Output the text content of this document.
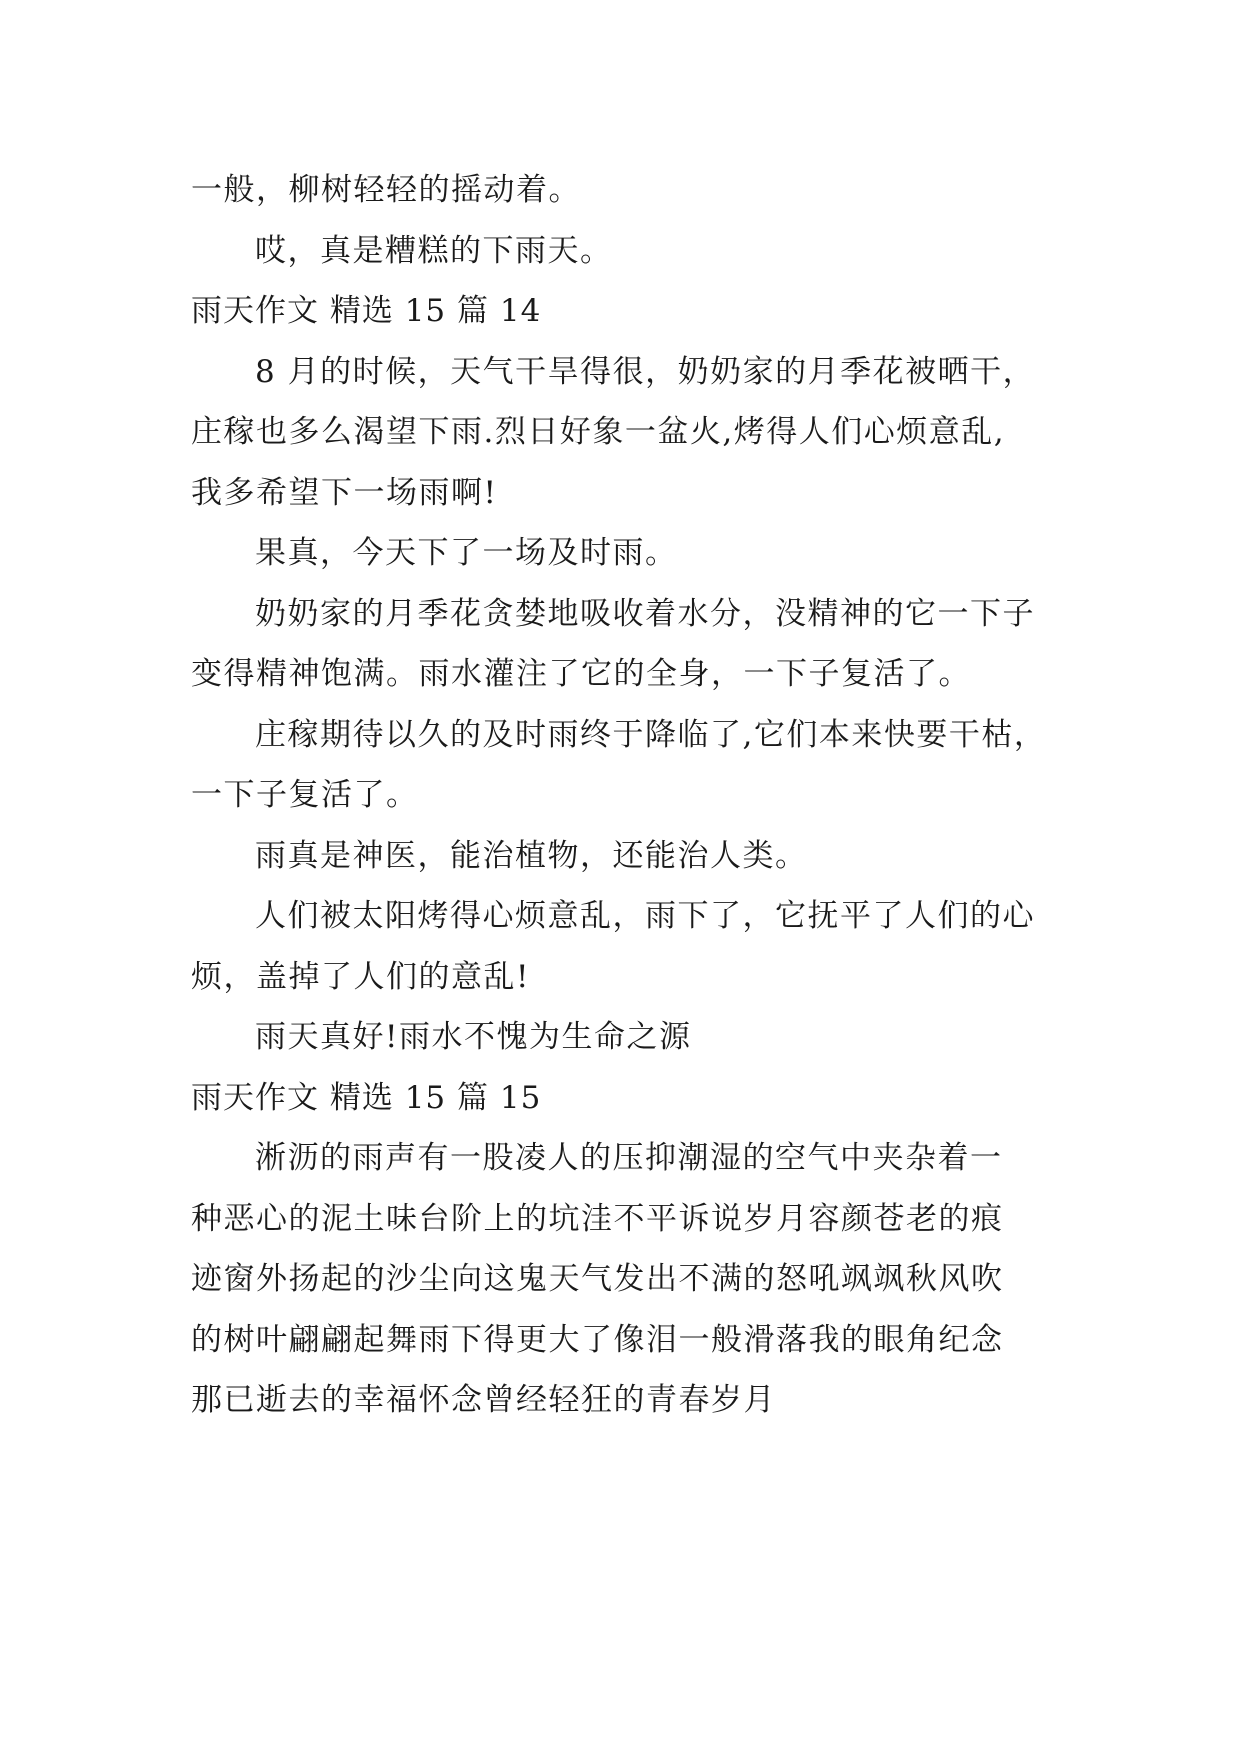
一般，柳树轻轻的摇动着。
哎，真是糟糕的下雨天。
雨天作文 精选 15 篇 14
8 月的时候，天气干旱得很，奶奶家的月季花被晒干，
庄稼也多么渴望下雨.烈日好象一盆火,烤得人们心烦意乱,
我多希望下一场雨啊!
果真，今天下了一场及时雨。
奶奶家的月季花贪婪地吸收着水分，没精神的它一下子
变得精神饱满。雨水灌注了它的全身，一下子复活了。
庄稼期待以久的及时雨终于降临了,它们本来快要干枯，
一下子复活了。
雨真是神医，能治植物，还能治人类。
人们被太阳烤得心烦意乱，雨下了，它抚平了人们的心
烦，盖掉了人们的意乱!
雨天真好!雨水不愧为生命之源
雨天作文 精选 15 篇 15
淅沥的雨声有一股凌人的压抑潮湿的空气中夹杂着一
种恶心的泥土味台阶上的坑洼不平诉说岁月容颜苍老的痕
迹窗外扬起的沙尘向这鬼天气发出不满的怒吼飒飒秋风吹
的树叶翩翩起舞雨下得更大了像泪一般滑落我的眼角纪念
那已逝去的幸福怀念曾经轻狂的青春岁月
